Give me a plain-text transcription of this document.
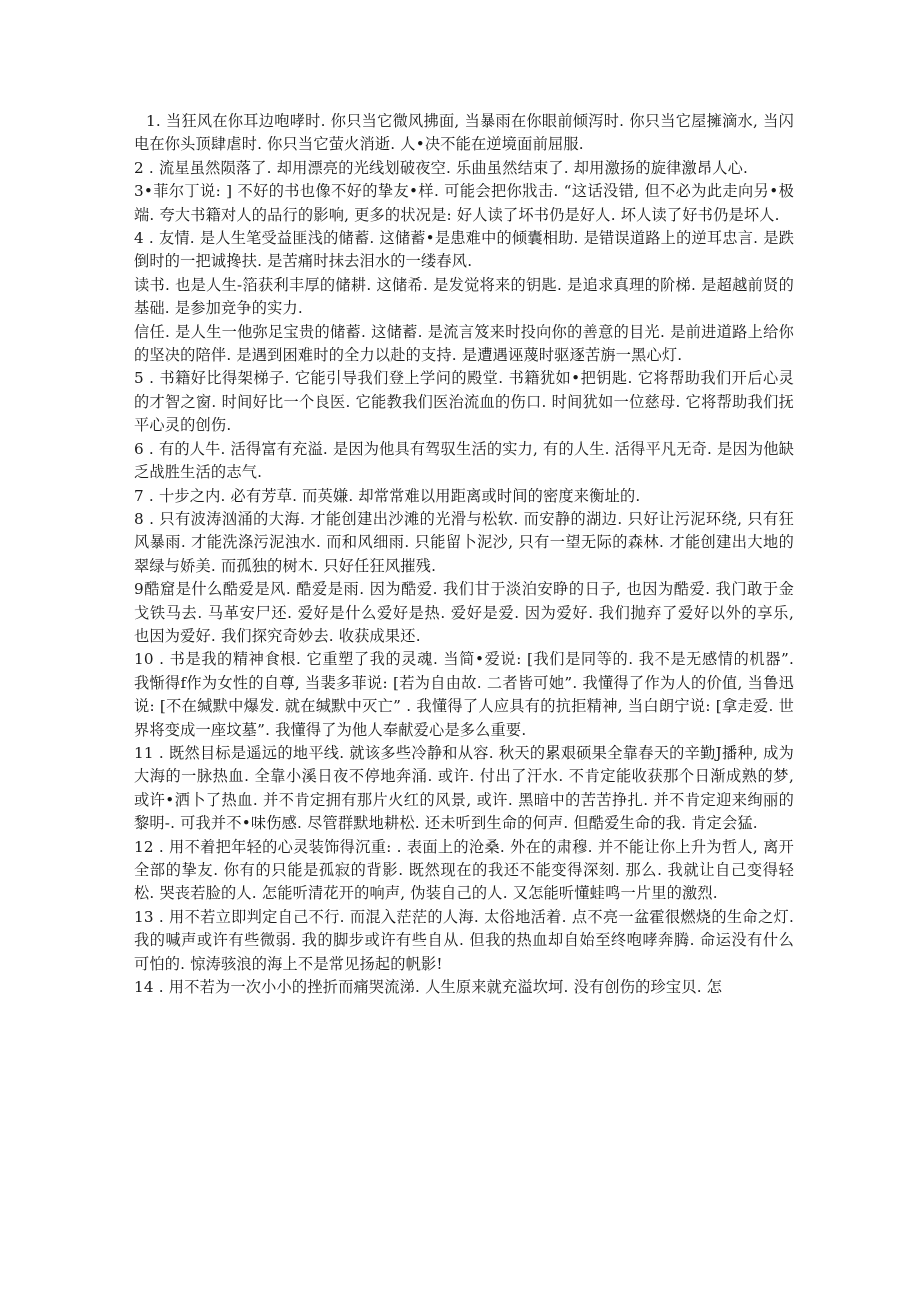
1. 当狂风在你耳边咆哮时. 你只当它微风拂面, 当暴雨在你眼前倾泻时. 你只当它屋擁滴水, 当闪电在你头顶肆虐时. 你只当它萤火消逝. 人•决不能在逆境面前屈服.

2 . 流星虽然陨落了. 却用漂亮的光线划破夜空. 乐曲虽然结束了. 却用激扬的旋律激昂人心.

3•菲尔丁说: ] 不好的书也像不好的挚友•样. 可能会把你戕击. “这话没错, 但不必为此走向另•极端. 夸大书籍对人的品行的影响, 更多的状况是: 好人读了坏书仍是好人. 坏人读了好书仍是坏人.

4 . 友情. 是人生笔受益匪浅的储蓄. 这储蓄•是患难中的倾囊相助. 是错误道路上的逆耳忠言. 是跌倒时的一把诚搀扶. 是苦痛时抹去泪水的一缕春风.

读书. 也是人生-箔获利丰厚的储耕. 这储希. 是发觉将来的钥匙. 是追求真理的阶梯. 是超越前贤的基础. 是参加竞争的实力.

信任. 是人生一他弥足宝贵的储蓄. 这储蓄. 是流言笈来时投向你的善意的目光. 是前进道路上给你的坚决的陪伴. 是遇到困难时的全力以赴的支持. 是遭遇诬蔑时驱逐苦旃一黑心灯.

5 . 书籍好比得架梯子. 它能引导我们登上学问的殿堂. 书籍犹如•把钥匙. 它将帮助我们开后心灵的才智之窗. 时间好比一个良医. 它能教我们医治流血的伤口. 时间犹如一位慈母. 它将帮助我们抚平心灵的创伤.

6 . 有的人牛. 活得富有充溢. 是因为他具有驾驭生活的实力, 有的人生. 活得平凡无奇. 是因为他缺乏战胜生活的志气.

7 . 十步之内. 必有芳草. 而英嫌. 却常常难以用距离或时间的密度来衡址的.

8 . 只有波涛汹涌的大海. 才能创建出沙滩的光滑与松软. 而安静的湖边. 只好让污泥环绕, 只有狂风暴雨. 才能洗涤污泥浊水. 而和风细雨. 只能留卜泥沙, 只有一望无际的森林. 才能创建出大地的翠绿与娇美. 而孤独的树木. 只好任狂风摧残.

9酷窟是什么酷爱是风. 酷爱是雨. 因为酷爱. 我们甘于淡泊安睁的日子, 也因为酷爱. 我门敢于金戈铁马去. 马革安尸还. 爱好是什么爱好是热. 爱好是爱. 因为爱好. 我们抛弃了爱好以外的享乐, 也因为爱好. 我们探究奇妙去. 收获成果还.

10 . 书是我的精神食根. 它重塑了我的灵魂. 当简•爱说: [我们是同等的. 我不是无感情的机器”. 我惭得f作为女性的自尊, 当裴多菲说: [若为自由故. 二者皆可她”. 我懂得了作为人的价值, 当鲁迅说: [不在缄默中爆发. 就在缄默中灭亡” . 我懂得了人应具有的抗拒精神, 当白朗宁说: [拿走爱. 世界将变成一座坟墓”. 我懂得了为他人奉献爱心是多么重要.

11 . 既然目标是遥远的地平线. 就该多些冷静和从容. 秋天的累艰硕果全靠春天的辛勤J播种, 成为大海的一脉热血. 全靠小溪日夜不停地奔涌. 或许. 付出了汗水. 不肯定能收获那个日渐成熟的梦, 或许•洒卜了热血. 并不肯定拥有那片火红的风景, 或许. 黑暗中的苦苦挣扎. 并不肯定迎来绚丽的黎明-. 可我并不•味伤感. 尽管群默地耕松. 还未听到生命的何声. 但酷爱生命的我. 肯定会猛.

12 . 用不着把年轻的心灵装饰得沉重: . 表面上的沧桑. 外在的肃穆. 并不能让你上升为哲人, 离开全部的挚友. 你有的只能是孤寂的背影. 既然现在的我还不能变得深刻. 那么. 我就让自己变得轻松. 哭丧若脸的人. 怎能听清花开的响声, 伪装自己的人. 又怎能听懂蛙鸣一片里的激烈.

13 . 用不若立即判定自己不行. 而混入茫茫的人海. 太俗地活着. 点不亮一盆霍很燃烧的生命之灯. 我的喊声或许有些微弱. 我的脚步或许有些自从. 但我的热血却自始至终咆哮奔腾. 命运没有什么可怕的. 惊涛骇浪的海上不是常见扬起的帆影!

14 . 用不若为一次小小的挫折而痛哭流涕. 人生原来就充溢坎坷. 没有创伤的珍宝贝. 怎
